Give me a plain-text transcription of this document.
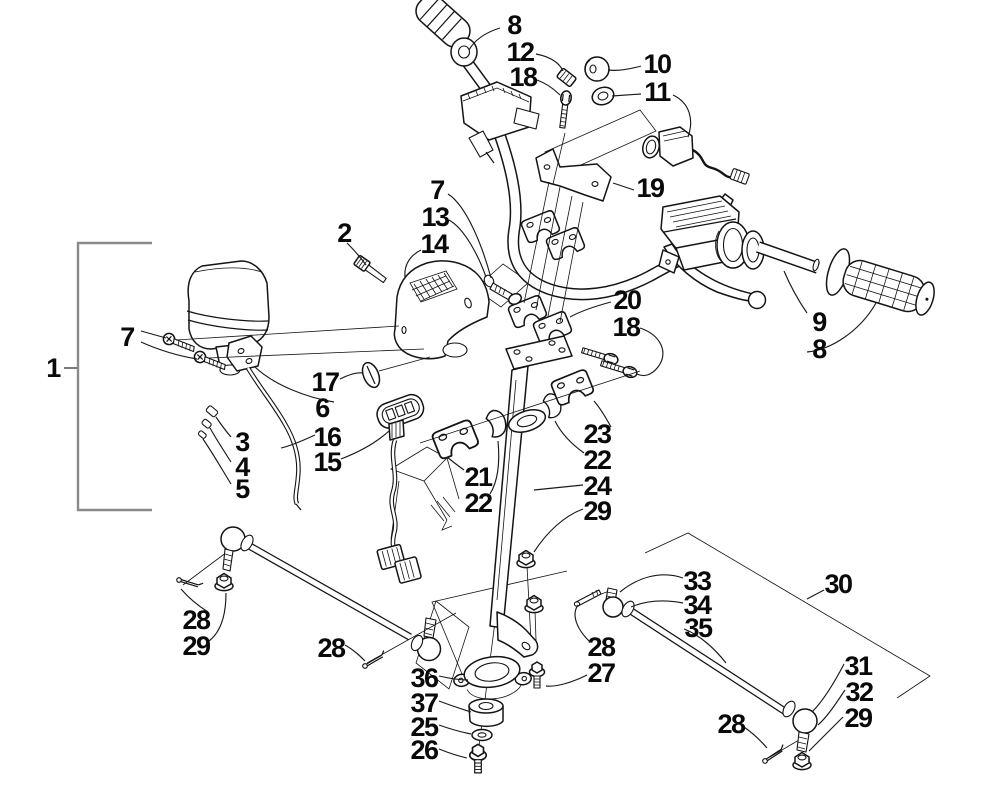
8
12
18	10
11
19
7
13
14
2
20
18	9
8
7
17
6
3
4
5
16
15
1
23
22
21
22
24
29
28
29	28
36
37
25
26
28
27
33
34
35
30
31
32
29
28
